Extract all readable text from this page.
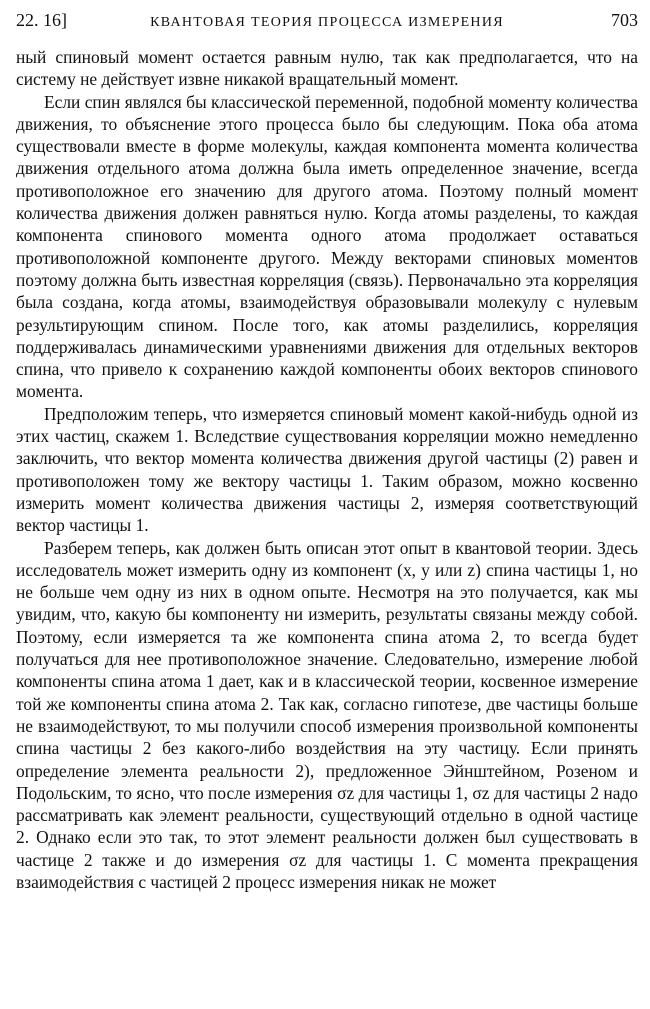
22. 16]	КВАНТОВАЯ ТЕОРИЯ ПРОЦЕССА ИЗМЕРЕНИЯ	703

ный спиновый момент остается равным нулю, так как предполагается, что на систему не действует извне никакой вращательный момент.

Если спин являлся бы классической переменной, подобной моменту количества движения, то объяснение этого процесса было бы следующим. Пока оба атома существовали вместе в форме молекулы, каждая компонента момента количества движения отдельного атома должна была иметь определенное значение, всегда противоположное его значению для другого атома. Поэтому полный момент количества движения должен равняться нулю. Когда атомы разделены, то каждая компонента спинового момента одного атома продолжает оставаться противоположной компоненте другого. Между векторами спиновых моментов поэтому должна быть известная корреляция (связь). Первоначально эта корреляция была создана, когда атомы, взаимодействуя образовывали молекулу с нулевым результирующим спином. После того, как атомы разделились, корреляция поддерживалась динамическими уравнениями движения для отдельных векторов спина, что привело к сохранению каждой компоненты обоих векторов спинового момента.

Предположим теперь, что измеряется спиновый момент какой-нибудь одной из этих частиц, скажем 1. Вследствие существования корреляции можно немедленно заключить, что вектор момента количества движения другой частицы (2) равен и противоположен тому же вектору частицы 1. Таким образом, можно косвенно измерить момент количества движения частицы 2, измеряя соответствующий вектор частицы 1.

Разберем теперь, как должен быть описан этот опыт в квантовой теории. Здесь исследователь может измерить одну из компонент (x, y или z) спина частицы 1, но не больше чем одну из них в одном опыте. Несмотря на это получается, как мы увидим, что, какую бы компоненту ни измерить, результаты связаны между собой. Поэтому, если измеряется та же компонента спина атома 2, то всегда будет получаться для нее противоположное значение. Следовательно, измерение любой компоненты спина атома 1 дает, как и в классической теории, косвенное измерение той же компоненты спина атома 2. Так как, согласно гипотезе, две частицы больше не взаимодействуют, то мы получили способ измерения произвольной компоненты спина частицы 2 без какого-либо воздействия на эту частицу. Если принять определение элемента реальности 2), предложенное Эйнштейном, Розеном и Подольским, то ясно, что после измерения σz для частицы 1, σz для частицы 2 надо рассматривать как элемент реальности, существующий отдельно в одной частице 2. Однако если это так, то этот элемент реальности должен был существовать в частице 2 также и до измерения σz для частицы 1. С момента прекращения взаимодействия с частицей 2 процесс измерения никак не может
